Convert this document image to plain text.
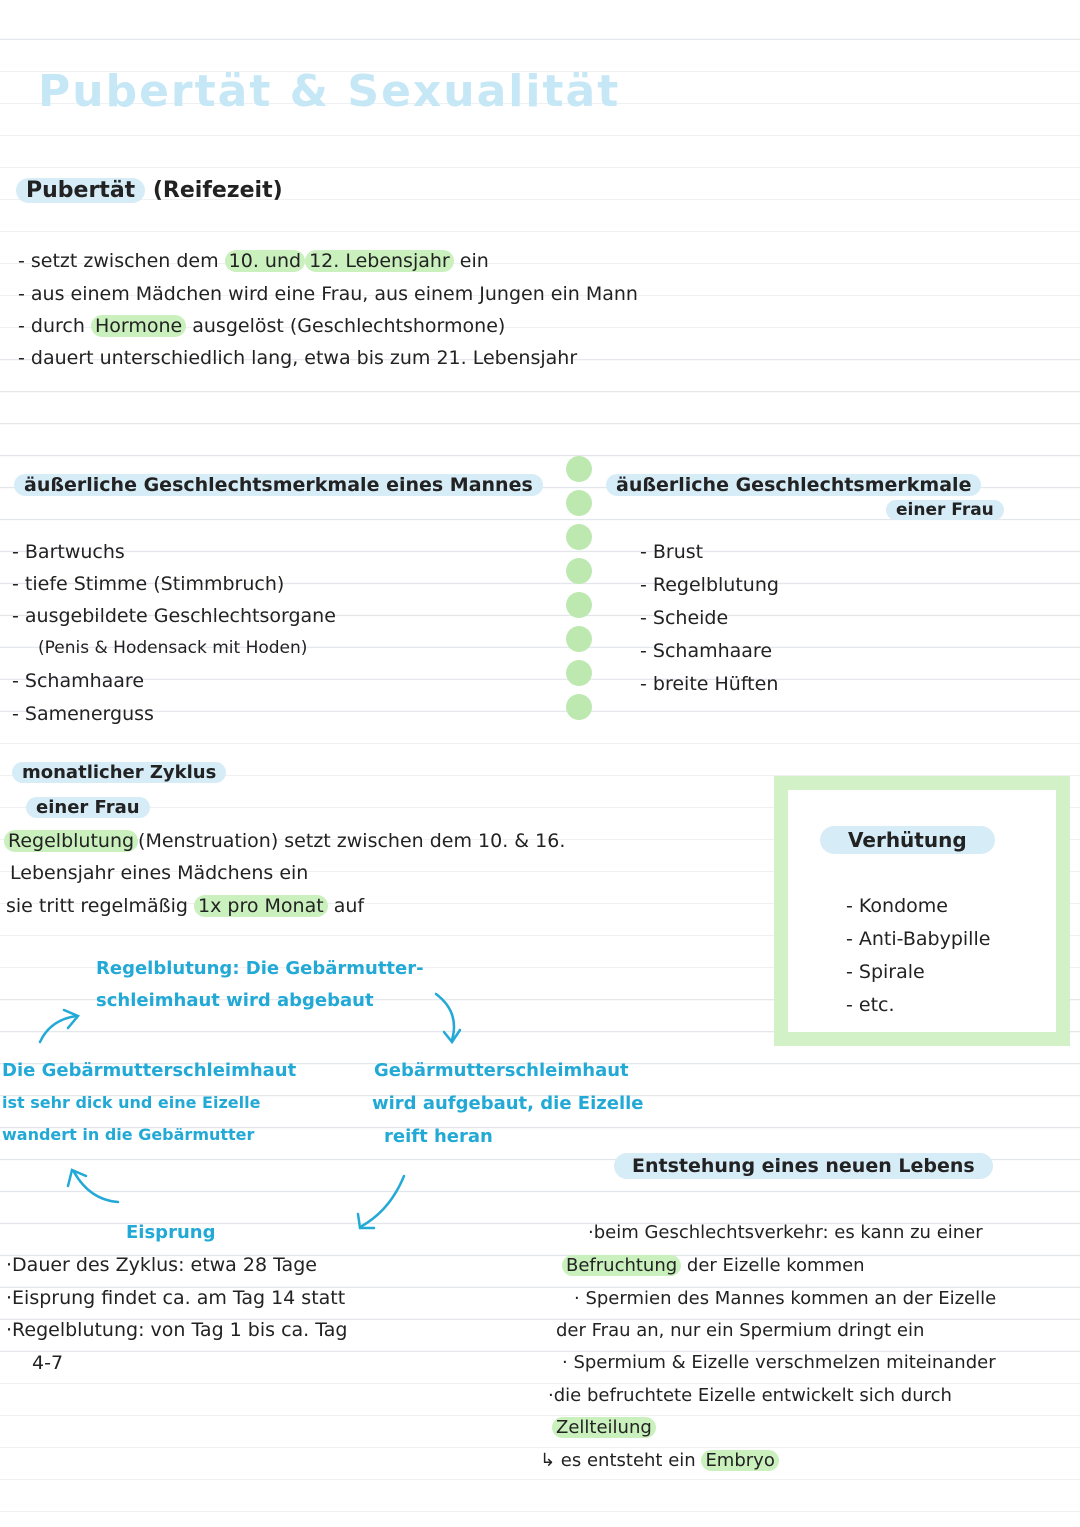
Pubertät & Sexualität
Pubertät (Reifezeit)
- setzt zwischen dem 10. und 12. Lebensjahr ein
- aus einem Mädchen wird eine Frau, aus einem Jungen ein Mann
- durch Hormone ausgelöst (Geschlechtshormone)
- dauert unterschiedlich lang, etwa bis zum 21. Lebensjahr
äußerliche Geschlechtsmerkmale eines Mannes
- Bartwuchs
- tiefe Stimme (Stimmbruch)
- ausgebildete Geschlechtsorgane
(Penis & Hodensack mit Hoden)
- Schamhaare
- Samenerguss
äußerliche Geschlechtsmerkmale
einer Frau
- Brust
- Regelblutung
- Scheide
- Schamhaare
- breite Hüften
monatlicher Zyklus
einer Frau
Regelblutung (Menstruation) setzt zwischen dem 10. & 16.
Lebensjahr eines Mädchens ein
sie tritt regelmäßig 1x pro Monat auf
Regelblutung: Die Gebärmutter-
schleimhaut wird abgebaut
Die Gebärmutterschleimhaut
ist sehr dick und eine Eizelle
wandert in die Gebärmutter
Gebärmutterschleimhaut
wird aufgebaut, die Eizelle
reift heran
Eisprung
·Dauer des Zyklus: etwa 28 Tage
·Eisprung findet ca. am Tag 14 statt
·Regelblutung: von Tag 1 bis ca. Tag
4-7
Verhütung
- Kondome
- Anti-Babypille
- Spirale
- etc.
Entstehung eines neuen Lebens
·beim Geschlechtsverkehr: es kann zu einer
Befruchtung der Eizelle kommen
· Spermien des Mannes kommen an der Eizelle
der Frau an, nur ein Spermium dringt ein
· Spermium & Eizelle verschmelzen miteinander
·die befruchtete Eizelle entwickelt sich durch
Zellteilung
↳ es entsteht ein Embryo
